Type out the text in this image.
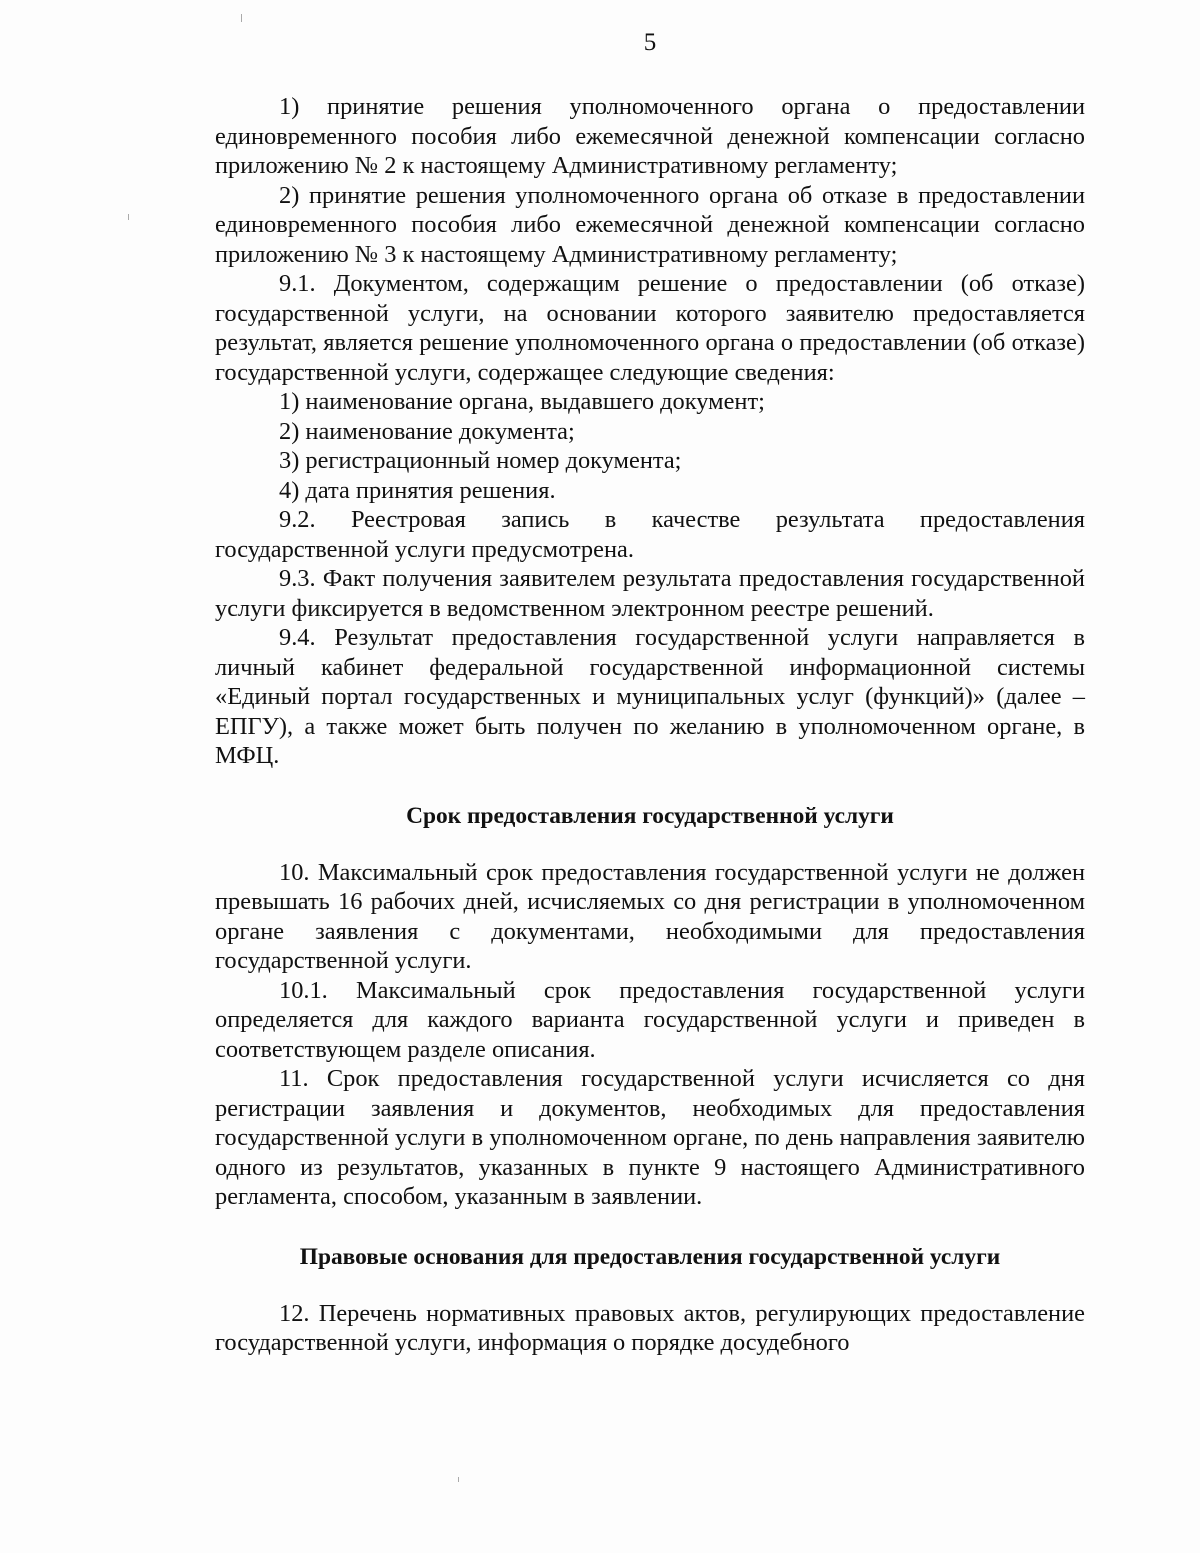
5

1) принятие решения уполномоченного органа о предоставлении единовременного пособия либо ежемесячной денежной компенсации согласно приложению № 2 к настоящему Административному регламенту;

2) принятие решения уполномоченного органа об отказе в предоставлении единовременного пособия либо ежемесячной денежной компенсации согласно приложению № 3 к настоящему Административному регламенту;

9.1. Документом, содержащим решение о предоставлении (об отказе) государственной услуги, на основании которого заявителю предоставляется результат, является решение уполномоченного органа о предоставлении (об отказе) государственной услуги, содержащее следующие сведения:

1) наименование органа, выдавшего документ;

2) наименование документа;

3) регистрационный номер документа;

4) дата принятия решения.

9.2. Реестровая запись в качестве результата предоставления государственной услуги предусмотрена.

9.3. Факт получения заявителем результата предоставления государственной услуги фиксируется в ведомственном электронном реестре решений.

9.4. Результат предоставления государственной услуги направляется в личный кабинет федеральной государственной информационной системы «Единый портал государственных и муниципальных услуг (функций)» (далее – ЕПГУ), а также может быть получен по желанию в уполномоченном органе, в МФЦ.

Срок предоставления государственной услуги

10. Максимальный срок предоставления государственной услуги не должен превышать 16 рабочих дней, исчисляемых со дня регистрации в уполномоченном органе заявления с документами, необходимыми для предоставления государственной услуги.

10.1. Максимальный срок предоставления государственной услуги определяется для каждого варианта государственной услуги и приведен в соответствующем разделе описания.

11. Срок предоставления государственной услуги исчисляется со дня регистрации заявления и документов, необходимых для предоставления государственной услуги в уполномоченном органе, по день направления заявителю одного из результатов, указанных в пункте 9 настоящего Административного регламента, способом, указанным в заявлении.

Правовые основания для предоставления государственной услуги

12. Перечень нормативных правовых актов, регулирующих предоставление государственной услуги, информация о порядке досудебного
